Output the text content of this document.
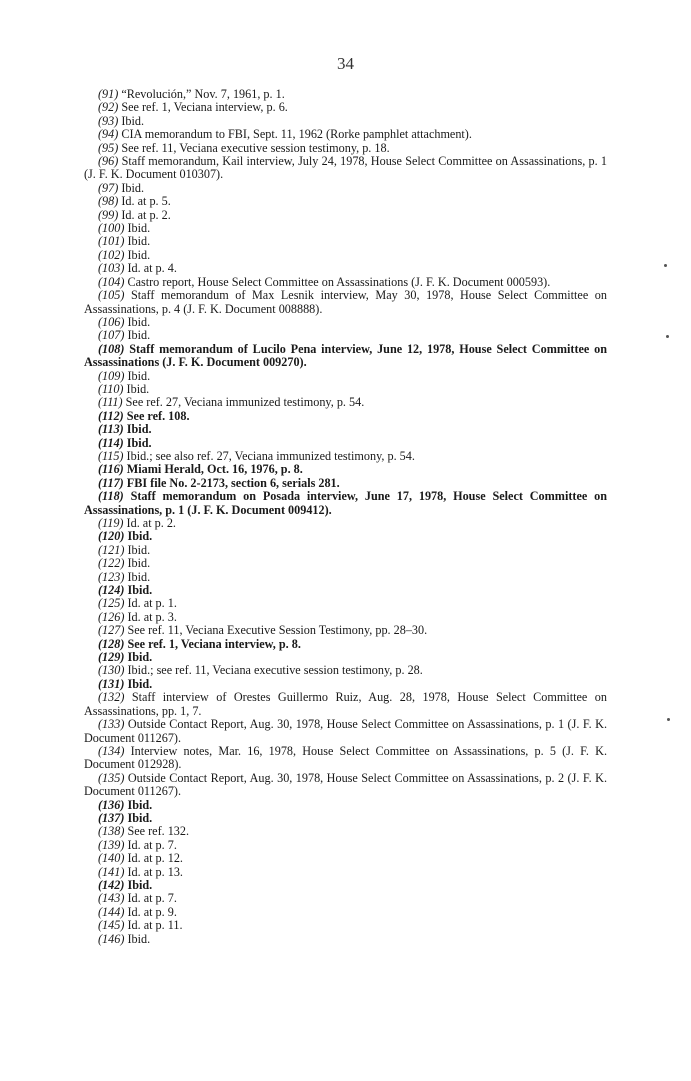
34

(91) “Revolución,” Nov. 7, 1961, p. 1.

(92) See ref. 1, Veciana interview, p. 6.

(93) Ibid.

(94) CIA memorandum to FBI, Sept. 11, 1962 (Rorke pamphlet attachment).

(95) See ref. 11, Veciana executive session testimony, p. 18.

(96) Staff memorandum, Kail interview, July 24, 1978, House Select Committee on Assassinations, p. 1 (J. F. K. Document 010307).

(97) Ibid.

(98) Id. at p. 5.

(99) Id. at p. 2.

(100) Ibid.

(101) Ibid.

(102) Ibid.

(103) Id. at p. 4.

(104) Castro report, House Select Committee on Assassinations (J. F. K. Document 000593).

(105) Staff memorandum of Max Lesnik interview, May 30, 1978, House Select Committee on Assassinations, p. 4 (J. F. K. Document 008888).

(106) Ibid.

(107) Ibid.

(108) Staff memorandum of Lucilo Pena interview, June 12, 1978, House Select Committee on Assassinations (J. F. K. Document 009270).

(109) Ibid.

(110) Ibid.

(111) See ref. 27, Veciana immunized testimony, p. 54.

(112) See ref. 108.

(113) Ibid.

(114) Ibid.

(115) Ibid.; see also ref. 27, Veciana immunized testimony, p. 54.

(116) Miami Herald, Oct. 16, 1976, p. 8.

(117) FBI file No. 2-2173, section 6, serials 281.

(118) Staff memorandum on Posada interview, June 17, 1978, House Select Committee on Assassinations, p. 1 (J. F. K. Document 009412).

(119) Id. at p. 2.

(120) Ibid.

(121) Ibid.

(122) Ibid.

(123) Ibid.

(124) Ibid.

(125) Id. at p. 1.

(126) Id. at p. 3.

(127) See ref. 11, Veciana Executive Session Testimony, pp. 28–30.

(128) See ref. 1, Veciana interview, p. 8.

(129) Ibid.

(130) Ibid.; see ref. 11, Veciana executive session testimony, p. 28.

(131) Ibid.

(132) Staff interview of Orestes Guillermo Ruiz, Aug. 28, 1978, House Select Committee on Assassinations, pp. 1, 7.

(133) Outside Contact Report, Aug. 30, 1978, House Select Committee on Assassinations, p. 1 (J. F. K. Document 011267).

(134) Interview notes, Mar. 16, 1978, House Select Committee on Assassinations, p. 5 (J. F. K. Document 012928).

(135) Outside Contact Report, Aug. 30, 1978, House Select Committee on Assassinations, p. 2 (J. F. K. Document 011267).

(136) Ibid.

(137) Ibid.

(138) See ref. 132.

(139) Id. at p. 7.

(140) Id. at p. 12.

(141) Id. at p. 13.

(142) Ibid.

(143) Id. at p. 7.

(144) Id. at p. 9.

(145) Id. at p. 11.

(146) Ibid.
